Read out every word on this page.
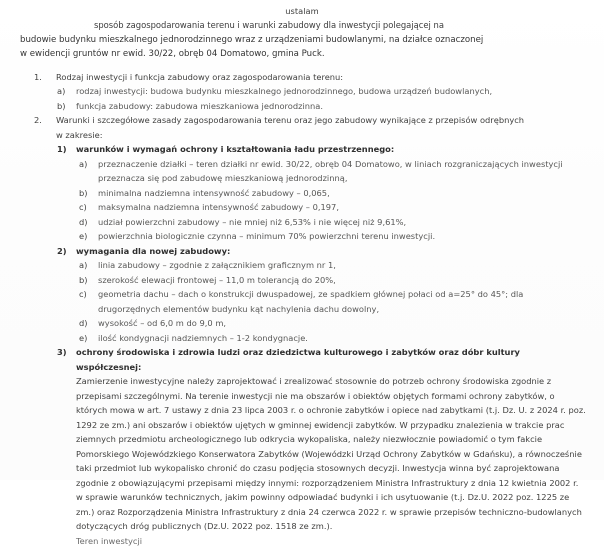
ustalam
sposób zagospodarowania terenu i warunki zabudowy dla inwestycji polegającej na
budowie budynku mieszkalnego jednorodzinnego wraz z urządzeniami budowlanymi, na działce oznaczonej
w ewidencji gruntów nr ewid. 30/22, obręb 04 Domatowo, gmina Puck.
1.	Rodzaj inwestycji i funkcja zabudowy oraz zagospodarowania terenu:
a)	rodzaj inwestycji: budowa budynku mieszkalnego jednorodzinnego, budowa urządzeń budowlanych,
b)	funkcja zabudowy: zabudowa mieszkaniowa jednorodzinna.
2.	Warunki i szczegółowe zasady zagospodarowania terenu oraz jego zabudowy wynikające z przepisów odrębnych
w zakresie:
1)	warunków i wymagań ochrony i kształtowania ładu przestrzennego:
a)	przeznaczenie działki – teren działki nr ewid. 30/22, obręb 04 Domatowo, w liniach rozgraniczających inwestycji przeznacza się pod zabudowę mieszkaniową jednorodzinną,
b)	minimalna nadziemna intensywność zabudowy – 0,065,
c)	maksymalna nadziemna intensywność zabudowy – 0,197,
d)	udział powierzchni zabudowy – nie mniej niż 6,53% i nie więcej niż 9,61%,
e)	powierzchnia biologicznie czynna – minimum 70% powierzchni terenu inwestycji.
2)	wymagania dla nowej zabudowy:
a)	linia zabudowy – zgodnie z załącznikiem graficznym nr 1,
b)	szerokość elewacji frontowej – 11,0 m tolerancją do 20%,
c)	geometria dachu – dach o konstrukcji dwuspadowej, ze spadkiem głównej połaci od a=25° do 45°; dla drugorzędnych elementów budynku kąt nachylenia dachu dowolny,
d)	wysokość – od 6,0 m do 9,0 m,
e)	ilość kondygnacji nadziemnych – 1-2 kondygnacje.
3)	ochrony środowiska i zdrowia ludzi oraz dziedzictwa kulturowego i zabytków oraz dóbr kultury współczesnej:
Zamierzenie inwestycyjne należy zaprojektować i zrealizować stosownie do potrzeb ochrony środowiska zgodnie z przepisami szczególnymi. Na terenie inwestycji nie ma obszarów i obiektów objętych formami ochrony zabytków, o których mowa w art. 7 ustawy z dnia 23 lipca 2003 r. o ochronie zabytków i opiece nad zabytkami (t.j. Dz. U. z 2024 r. poz. 1292 ze zm.) ani obszarów i obiektów ujętych w gminnej ewidencji zabytków. W przypadku znalezienia w trakcie prac ziemnych przedmiotu archeologicznego lub odkrycia wykopaliska, należy niezwłocznie powiadomić o tym fakcie Pomorskiego Wojewódzkiego Konserwatora Zabytków (Wojewódzki Urząd Ochrony Zabytków w Gdańsku), a równocześnie taki przedmiot lub wykopalisko chronić do czasu podjęcia stosownych decyzji. Inwestycja winna być zaprojektowana zgodnie z obowiązującymi przepisami między innymi: rozporządzeniem Ministra Infrastruktury z dnia 12 kwietnia 2002 r. w sprawie warunków technicznych, jakim powinny odpowiadać budynki i ich usytuowanie (t.j. Dz.U. 2022 poz. 1225 ze zm.) oraz Rozporządzenia Ministra Infrastruktury z dnia 24 czerwca 2022 r. w sprawie przepisów techniczno-budowlanych dotyczących dróg publicznych (Dz.U. 2022 poz. 1518 ze zm.).
Teren inwestycji
